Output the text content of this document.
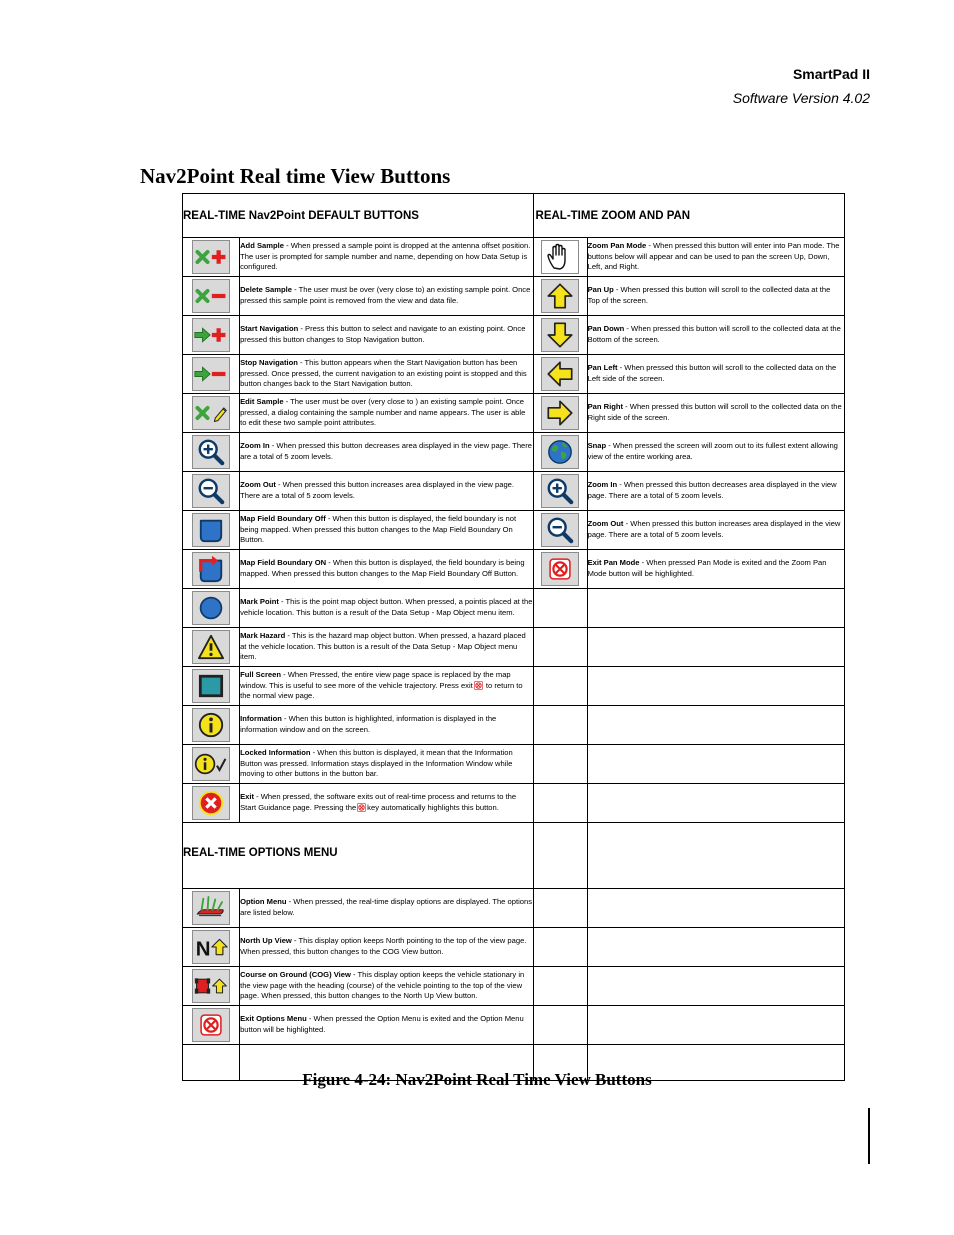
SmartPad II
Software Version 4.02
Nav2Point Real time View Buttons
REAL-TIME Nav2Point DEFAULT BUTTONS		REAL-TIME ZOOM AND PAN	

	Add Sample - When pressed a sample point is dropped at the antenna offset position. The user is prompted for sample number and name, depending on how Data Setup is configured.		Zoom Pan Mode - When pressed this button will enter into Pan mode. The buttons below will appear and can be used to pan the screen Up, Down, Left, and Right.

	Delete Sample - The user must be over (very close to) an existing sample point. Once pressed this sample point is removed from the view and data file.		Pan Up - When pressed this button will scroll to the collected data at the Top of the screen.

	Start Navigation - Press this button to select and navigate to an existing point. Once pressed this button changes to Stop Navigation button.		Pan Down - When pressed this button will scroll to the collected data at the Bottom of the screen.

	Stop Navigation - This button appears when the Start Navigation button has been pressed. Once pressed, the current navigation to an existing point is stopped and this button changes back to the Start Navigation button.		Pan Left - When pressed this button will scroll to the collected data on the Left side of the screen.

	Edit Sample - The user must be over (very close to ) an existing sample point. Once pressed, a dialog containing the sample number and name appears. The user is able to edit these two sample point attributes.		Pan Right - When pressed this button will scroll to the collected data on the Right side of the screen.

	Zoom In - When pressed this button decreases area displayed in the view page. There are a total of 5 zoom levels.		Snap - When pressed the screen will zoom out to its fullest extent allowing view of the entire working area.

	Zoom Out - When pressed this button increases area displayed in the view page. There are a total of 5 zoom levels.		Zoom In - When pressed this button decreases area displayed in the view page. There are a total of 5 zoom levels.

	Map Field Boundary Off - When this button is displayed, the field boundary is not being mapped. When pressed this button changes to the Map Field Boundary On Button.		Zoom Out - When pressed this button increases area displayed in the view page. There are a total of 5 zoom levels.

	Map Field Boundary ON - When this button is displayed, the field boundary is being mapped. When pressed this button changes to the Map Field Boundary Off Button.		Exit Pan Mode - When pressed Pan Mode is exited and the Zoom Pan Mode button will be highlighted.

	Mark Point - This is the point map object button. When pressed, a pointis placed at the vehicle location. This button is a result of the Data Setup - Map Object menu item.		

	Mark Hazard - This is the hazard map object button. When pressed, a hazard placed at the vehicle location. This button is a result of the Data Setup - Map Object menu item.		

	Full Screen - When Pressed, the entire view page space is replaced by the map window. This is useful to see more of the vehicle trajectory. Press exit to return to the normal view page.		

	Information - When this button is highlighted, information is displayed in the information window and on the screen.		

	Locked Information - When this button is displayed, it mean that the Information Button was pressed. Information stays displayed in the Information Window while moving to other buttons in the button bar.		

	Exit - When pressed, the software exits out of real-time process and returns to the Start Guidance page. Pressing the key automatically highlights this button.		
REAL-TIME OPTIONS MENU			

	Option Menu - When pressed, the real-time display options are displayed. The options are listed below.		

N	North Up View - This display option keeps North pointing to the top of the view page. When pressed, this button changes to the COG View button.		

	Course on Ground (COG) View - This display option keeps the vehicle stationary in the view page with the heading (course) of the vehicle pointing to the top of the view page. When pressed, this button changes to the North Up View button.		

	Exit Options Menu - When pressed the Option Menu is exited and the Option Menu button will be highlighted.		

Figure 4-24: Nav2Point Real Time View Buttons
